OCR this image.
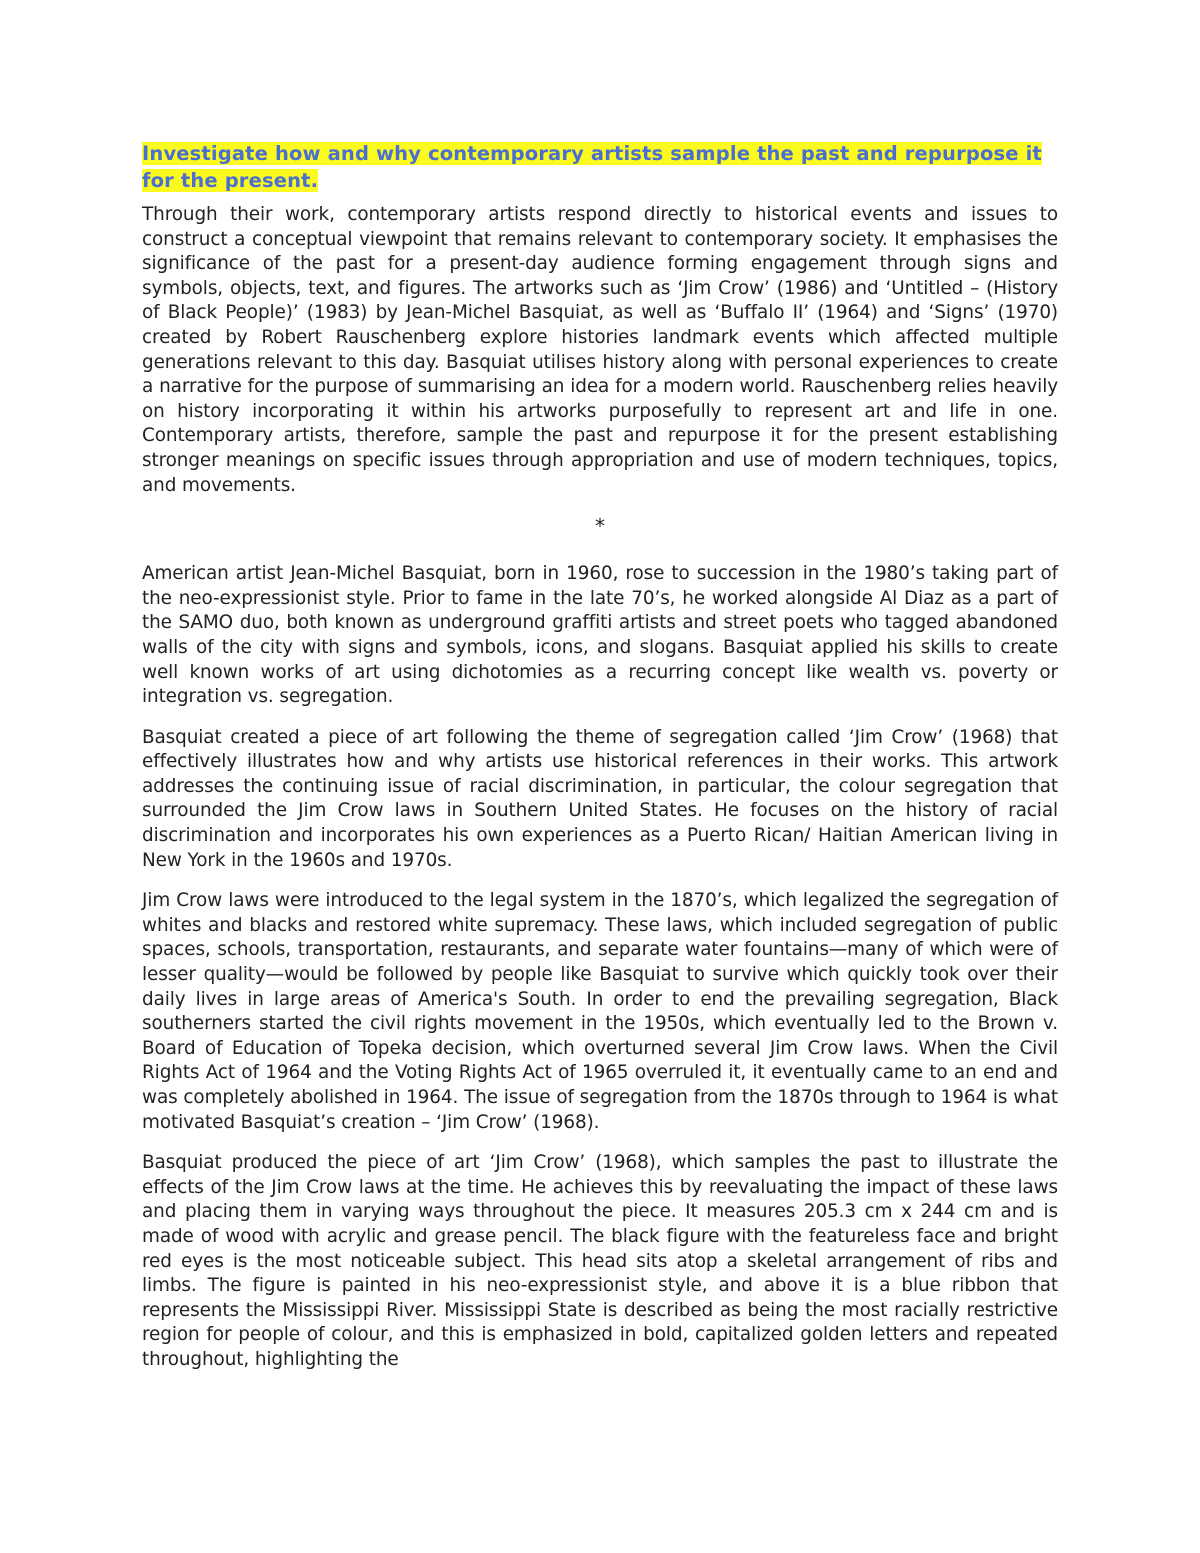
Investigate how and why contemporary artists sample the past and repurpose it for the present.

Through their work, contemporary artists respond directly to historical events and issues to construct a conceptual viewpoint that remains relevant to contemporary society. It emphasises the significance of the past for a present-day audience forming engagement through signs and symbols, objects, text, and figures. The artworks such as ‘Jim Crow’ (1986) and ‘Untitled – (History of Black People)’ (1983) by Jean-Michel Basquiat, as well as ‘Buffalo II’ (1964) and ‘Signs’ (1970) created by Robert Rauschenberg explore histories landmark events which affected multiple generations relevant to this day. Basquiat utilises history along with personal experiences to create a narrative for the purpose of summarising an idea for a modern world. Rauschenberg relies heavily on history incorporating it within his artworks purposefully to represent art and life in one. Contemporary artists, therefore, sample the past and repurpose it for the present establishing stronger meanings on specific issues through appropriation and use of modern techniques, topics, and movements.

*

American artist Jean-Michel Basquiat, born in 1960, rose to succession in the 1980’s taking part of the neo-expressionist style. Prior to fame in the late 70’s, he worked alongside Al Diaz as a part of the SAMO duo, both known as underground graffiti artists and street poets who tagged abandoned walls of the city with signs and symbols, icons, and slogans. Basquiat applied his skills to create well known works of art using dichotomies as a recurring concept like wealth vs. poverty or integration vs. segregation.

Basquiat created a piece of art following the theme of segregation called ‘Jim Crow’ (1968) that effectively illustrates how and why artists use historical references in their works. This artwork addresses the continuing issue of racial discrimination, in particular, the colour segregation that surrounded the Jim Crow laws in Southern United States. He focuses on the history of racial discrimination and incorporates his own experiences as a Puerto Rican/ Haitian American living in New York in the 1960s and 1970s.

Jim Crow laws were introduced to the legal system in the 1870’s, which legalized the segregation of whites and blacks and restored white supremacy. These laws, which included segregation of public spaces, schools, transportation, restaurants, and separate water fountains—many of which were of lesser quality—would be followed by people like Basquiat to survive which quickly took over their daily lives in large areas of America's South. In order to end the prevailing segregation, Black southerners started the civil rights movement in the 1950s, which eventually led to the Brown v. Board of Education of Topeka decision, which overturned several Jim Crow laws. When the Civil Rights Act of 1964 and the Voting Rights Act of 1965 overruled it, it eventually came to an end and was completely abolished in 1964. The issue of segregation from the 1870s through to 1964 is what motivated Basquiat’s creation – ‘Jim Crow’ (1968).

Basquiat produced the piece of art ‘Jim Crow’ (1968), which samples the past to illustrate the effects of the Jim Crow laws at the time. He achieves this by reevaluating the impact of these laws and placing them in varying ways throughout the piece. It measures 205.3 cm x 244 cm and is made of wood with acrylic and grease pencil. The black figure with the featureless face and bright red eyes is the most noticeable subject. This head sits atop a skeletal arrangement of ribs and limbs. The figure is painted in his neo-expressionist style, and above it is a blue ribbon that represents the Mississippi River. Mississippi State is described as being the most racially restrictive region for people of colour, and this is emphasized in bold, capitalized golden letters and repeated throughout, highlighting the
